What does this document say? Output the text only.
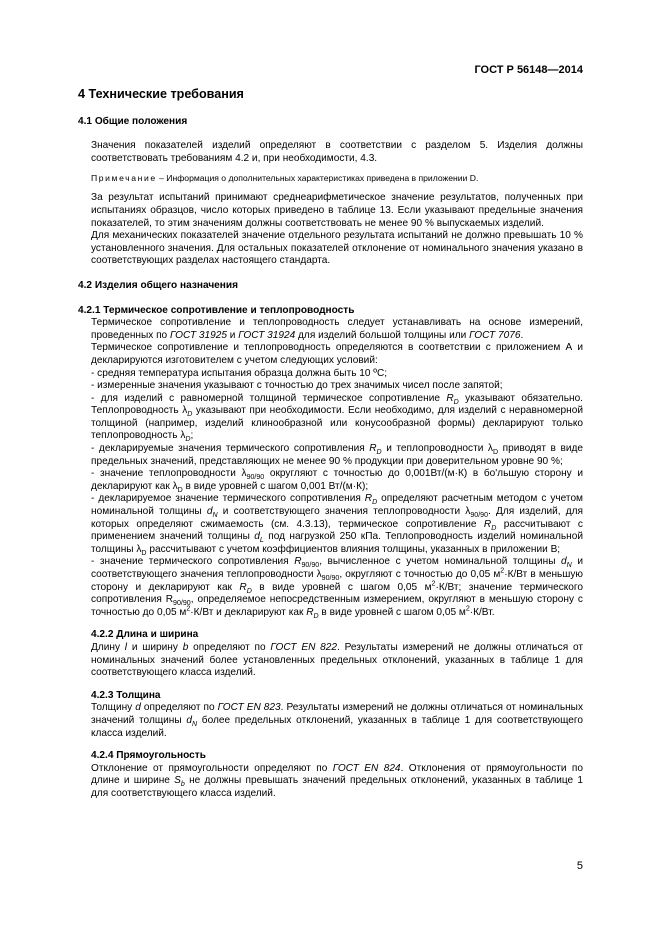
ГОСТ Р 56148—2014
4 Технические требования
4.1 Общие положения

Значения показателей изделий определяют в соответствии с разделом 5. Изделия должны соответствовать требованиям 4.2 и, при необходимости, 4.3.

Примечание – Информация о дополнительных характеристиках приведена в приложении D.

За результат испытаний принимают среднеарифметическое значение результатов, полученных при испытаниях образцов, число которых приведено в таблице 13. Если указывают предельные значения показателей, то этим значениям должны соответствовать не менее 90 % выпускаемых изделий.

Для механических показателей значение отдельного результата испытаний не должно превышать 10 % установленного значения. Для остальных показателей отклонение от номинального значения указано в соответствующих разделах настоящего стандарта.

4.2 Изделия общего назначения
4.2.1 Термическое сопротивление и теплопроводность

Термическое сопротивление и теплопроводность следует устанавливать на основе измерений, проведенных по ГОСТ 31925 и ГОСТ 31924 для изделий большой толщины или ГОСТ 7076.

Термическое сопротивление и теплопроводность определяются в соответствии с приложением А и декларируются изготовителем с учетом следующих условий:

- средняя температура испытания образца должна быть 10 ºС;

- измеренные значения указывают с точностью до трех значимых чисел после запятой;

- для изделий с равномерной толщиной термическое сопротивление $R_D$ указывают обязательно. Теплопроводность $\lambda_D$ указывают при необходимости. Если необходимо, для изделий с неравномерной толщиной (например, изделий клинообразной или конусообразной формы) декларируют только теплопроводность $\lambda_D$;

- декларируемые значения термического сопротивления $R_D$ и теплопроводности $\lambda_D$ приводят в виде предельных значений, представляющих не менее 90 % продукции при доверительном уровне 90 %;

- значение теплопроводности $\lambda_{90/90}$ округляют с точностью до 0,001Вт/(м·К) в бо'льшую сторону и декларируют как $\lambda_D$ в виде уровней с шагом 0,001 Вт/(м·К);

- декларируемое значение термического сопротивления $R_D$ определяют расчетным методом с учетом номинальной толщины $d_N$ и соответствующего значения теплопроводности $\lambda_{90/90}$. Для изделий, для которых определяют сжимаемость (см. 4.3.13), термическое сопротивление $R_D$ рассчитывают с применением значений толщины $d_L$ под нагрузкой 250 кПа. Теплопроводность изделий номинальной толщины $\lambda_D$ рассчитывают с учетом коэффициентов влияния толщины, указанных в приложении В;

- значение термического сопротивления $R_{90/90}$, вычисленное с учетом номинальной толщины $d_N$ и соответствующего значения теплопроводности $\lambda_{90/90}$, округляют с точностью до 0,05 $м^2\cdot К/Вт$ в меньшую сторону и декларируют как $R_D$ в виде уровней с шагом 0,05 $м^2\cdot К/Вт$; значение термического сопротивления $R_{90/90}$, определяемое непосредственным измерением, округляют в меньшую сторону с точностью до 0,05 $м^2\cdot К/Вт$ и декларируют как $R_D$ в виде уровней с шагом 0,05 $м^2\cdot К/Вт$.

4.2.2 Длина и ширина

Длину l и ширину b определяют по ГОСТ EN 822. Результаты измерений не должны отличаться от номинальных значений более установленных предельных отклонений, указанных в таблице 1 для соответствующего класса изделий.

4.2.3 Толщина

Толщину d определяют по ГОСТ EN 823. Результаты измерений не должны отличаться от номинальных значений толщины $d_N$ более предельных отклонений, указанных в таблице 1 для соответствующего класса изделий.

4.2.4 Прямоугольность

Отклонение от прямоугольности определяют по ГОСТ EN 824. Отклонения от прямоугольности по длине и ширине $S_b$ не должны превышать значений предельных отклонений, указанных в таблице 1 для соответствующего класса изделий.

5
